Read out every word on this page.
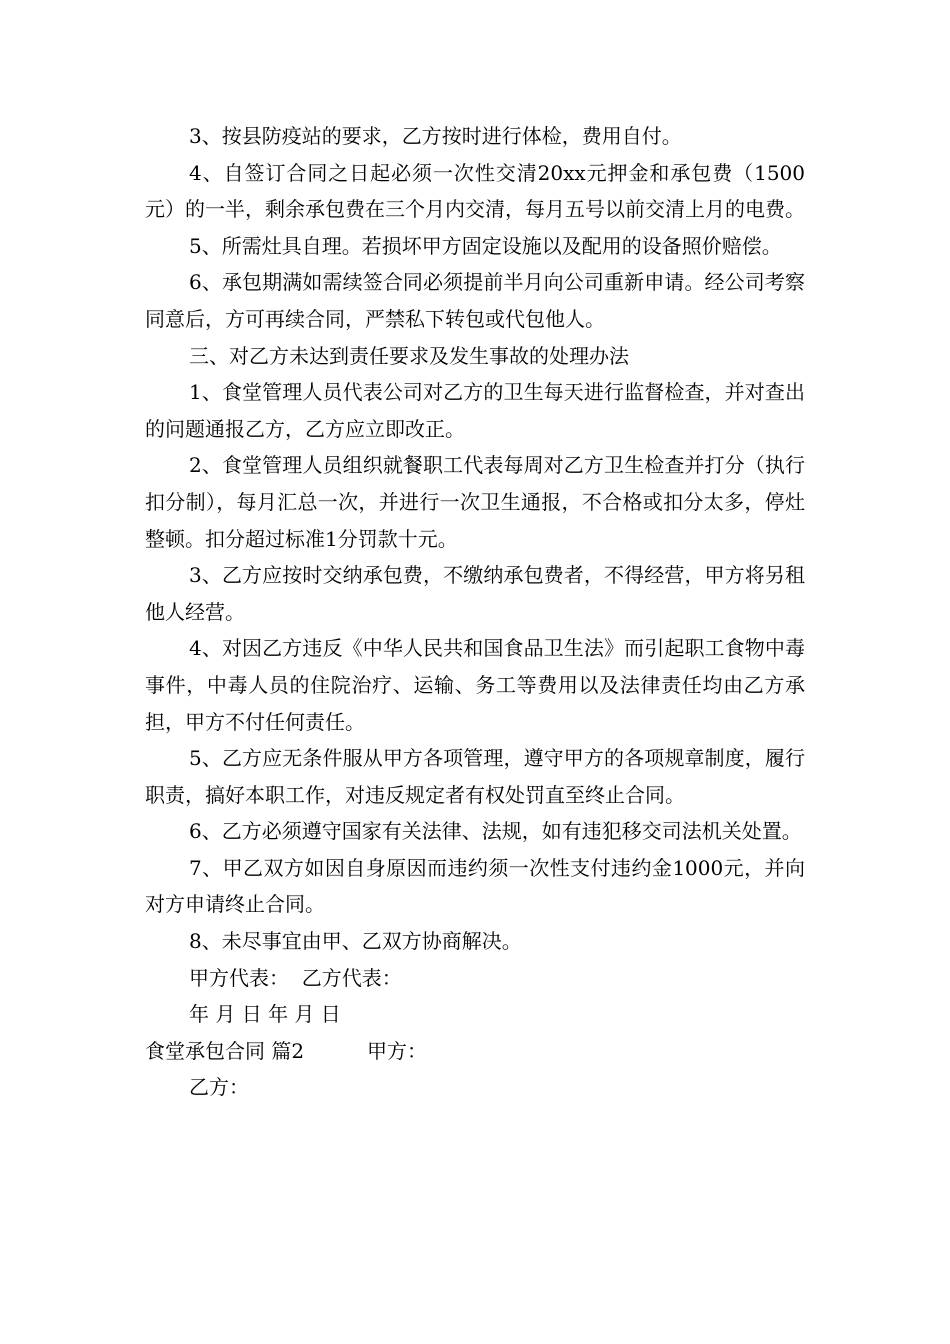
3、按县防疫站的要求，乙方按时进行体检，费用自付。

4、自签订合同之日起必须一次性交清20xx元押金和承包费（1500元）的一半，剩余承包费在三个月内交清，每月五号以前交清上月的电费。

5、所需灶具自理。若损坏甲方固定设施以及配用的设备照价赔偿。

6、承包期满如需续签合同必须提前半月向公司重新申请。经公司考察同意后，方可再续合同，严禁私下转包或代包他人。

三、对乙方未达到责任要求及发生事故的处理办法

1、食堂管理人员代表公司对乙方的卫生每天进行监督检查，并对查出的问题通报乙方，乙方应立即改正。

2、食堂管理人员组织就餐职工代表每周对乙方卫生检查并打分（执行扣分制），每月汇总一次，并进行一次卫生通报，不合格或扣分太多，停灶整顿。扣分超过标准1分罚款十元。

3、乙方应按时交纳承包费，不缴纳承包费者，不得经营，甲方将另租他人经营。

4、对因乙方违反《中华人民共和国食品卫生法》而引起职工食物中毒事件，中毒人员的住院治疗、运输、务工等费用以及法律责任均由乙方承担，甲方不付任何责任。

5、乙方应无条件服从甲方各项管理，遵守甲方的各项规章制度，履行职责，搞好本职工作，对违反规定者有权处罚直至终止合同。

6、乙方必须遵守国家有关法律、法规，如有违犯移交司法机关处置。

7、甲乙双方如因自身原因而违约须一次性支付违约金1000元，并向对方申请终止合同。

8、未尽事宜由甲、乙双方协商解决。

甲方代表：  乙方代表：

年 月 日 年 月 日

食堂承包合同 篇2	甲方：

乙方：
